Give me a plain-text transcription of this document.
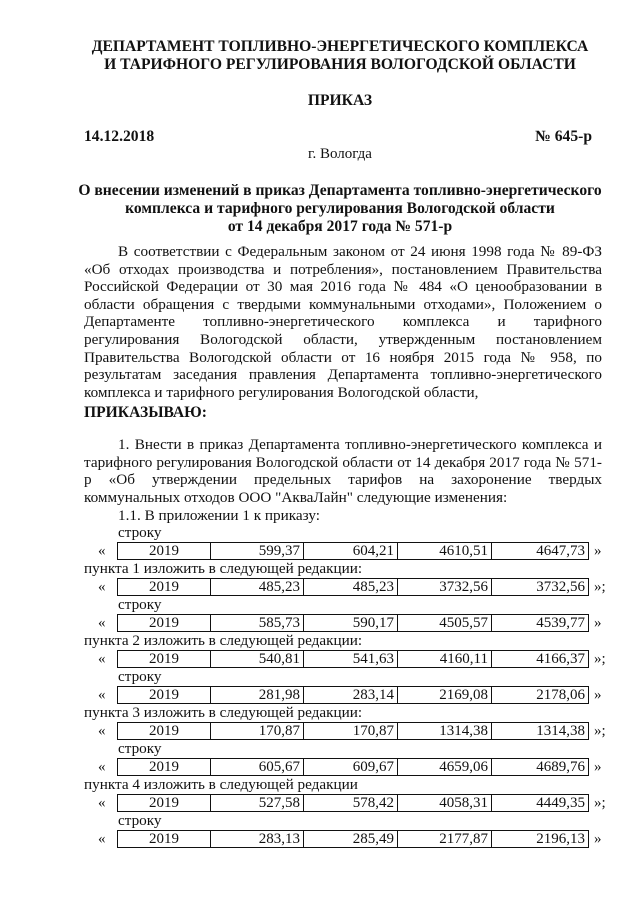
ДЕПАРТАМЕНТ ТОПЛИВНО-ЭНЕРГЕТИЧЕСКОГО КОМПЛЕКСА
И ТАРИФНОГО РЕГУЛИРОВАНИЯ ВОЛОГОДСКОЙ ОБЛАСТИ
ПРИКАЗ
14.12.2018	№ 645-р
г. Вологда
О внесении изменений в приказ Департамента топливно-энергетического
комплекса и тарифного регулирования Вологодской области
от 14 декабря 2017 года № 571-р

В соответствии с Федеральным законом от 24 июня 1998 года № 89-ФЗ «Об отходах производства и потребления», постановлением Правительства Российской Федерации от 30 мая 2016 года № 484 «О ценообразовании в области обращения с твердыми коммунальными отходами», Положением о Департаменте топливно-энергетического комплекса и тарифного регулирования Вологодской области, утвержденным постановлением Правительства Вологодской области от 16 ноября 2015 года № 958, по результатам заседания правления Департамента топливно-энергетического комплекса и тарифного регулирования Вологодской области,

ПРИКАЗЫВАЮ:

1. Внести в приказ Департамента топливно-энергетического комплекса и тарифного регулирования Вологодской области от 14 декабря 2017 года № 571-р «Об утверждении предельных тарифов на захоронение твердых коммунальных отходов ООО "АкваЛайн" следующие изменения:

1.1. В приложении 1 к приказу:
строку
«	2019	599,37	604,21	4610,51	4647,73 »
пункта 1 изложить в следующей редакции:
«	2019	485,23	485,23	3732,56	3732,56 »;
строку
«	2019	585,73	590,17	4505,57	4539,77 »
пункта 2 изложить в следующей редакции:
«	2019	540,81	541,63	4160,11	4166,37 »;
строку
«	2019	281,98	283,14	2169,08	2178,06 »
пункта 3 изложить в следующей редакции:
«	2019	170,87	170,87	1314,38	1314,38 »;
строку
«	2019	605,67	609,67	4659,06	4689,76 »
пункта 4 изложить в следующей редакции
«	2019	527,58	578,42	4058,31	4449,35 »;
строку
«	2019	283,13	285,49	2177,87	2196,13 »
